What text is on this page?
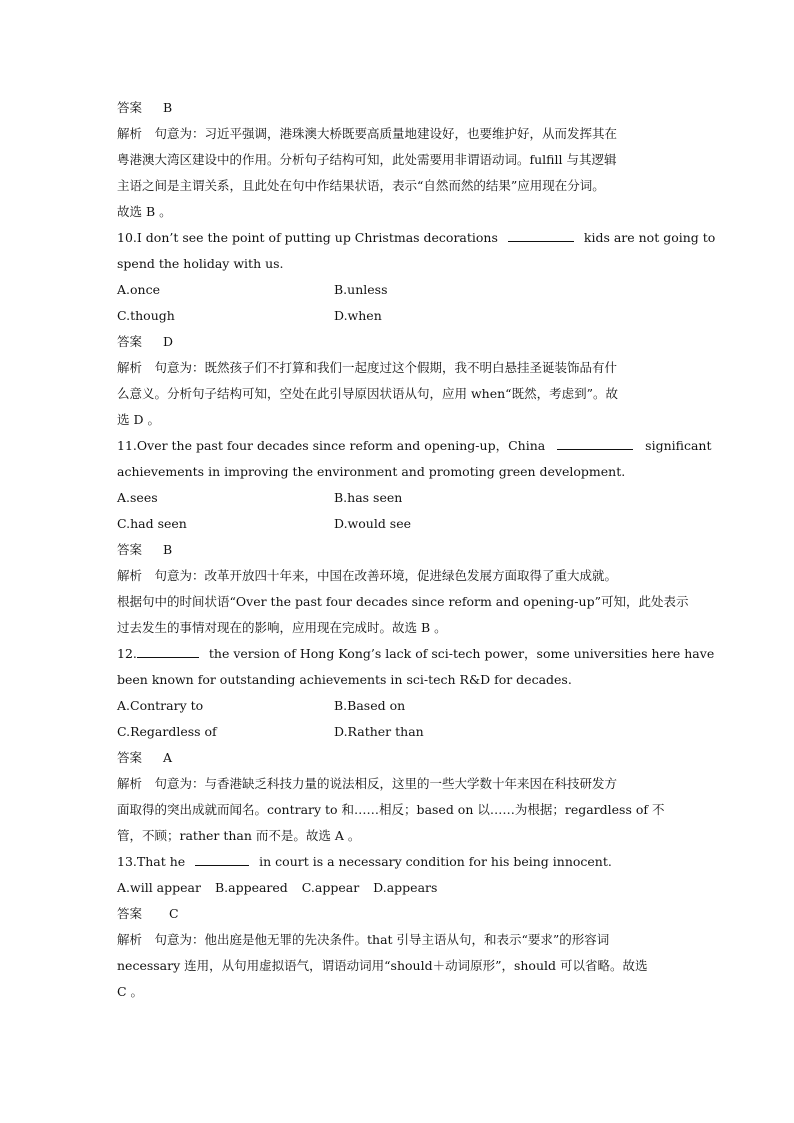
答案	B
解析　句意为：习近平强调，港珠澳大桥既要高质量地建设好，也要维护好，从而发挥其在
粤港澳大湾区建设中的作用。分析句子结构可知，此处需要用非谓语动词。fulfill 与其逻辑
主语之间是主谓关系，且此处在句中作结果状语，表示“自然而然的结果”应用现在分词。
故选 B 。
10.I don’t see the point of putting up Christmas decorations	kids are not going to
spend the holiday with us.
A.once	B.unless
C.though	D.when
答案	D
解析　句意为：既然孩子们不打算和我们一起度过这个假期，我不明白悬挂圣诞装饰品有什
么意义。分析句子结构可知，空处在此引导原因状语从句，应用 when“既然，考虑到”。故
选 D 。
11.Over the past four decades since reform and opening-up，China	significant
achievements in improving the environment and promoting green development.
A.sees	B.has seen
C.had seen	D.would see
答案	B
解析　句意为：改革开放四十年来，中国在改善环境，促进绿色发展方面取得了重大成就。
根据句中的时间状语“Over the past four decades since reform and opening-up”可知，此处表示
过去发生的事情对现在的影响，应用现在完成时。故选 B 。
12.	the version of Hong Kong’s lack of sci-tech power，some universities here have
been known for outstanding achievements in sci-tech R&D for decades.
A.Contrary to	B.Based on
C.Regardless of	D.Rather than
答案	A
解析　句意为：与香港缺乏科技力量的说法相反，这里的一些大学数十年来因在科技研发方
面取得的突出成就而闻名。contrary to 和……相反；based on 以……为根据；regardless of 不
管，不顾；rather than 而不是。故选 A 。
13.That he	in court is a necessary condition for his being innocent.
A.will appear B.appeared C.appear D.appears
答案	C
解析　句意为：他出庭是他无罪的先决条件。that 引导主语从句，和表示“要求”的形容词
necessary 连用，从句用虚拟语气，谓语动词用“should＋动词原形”，should 可以省略。故选
C 。
